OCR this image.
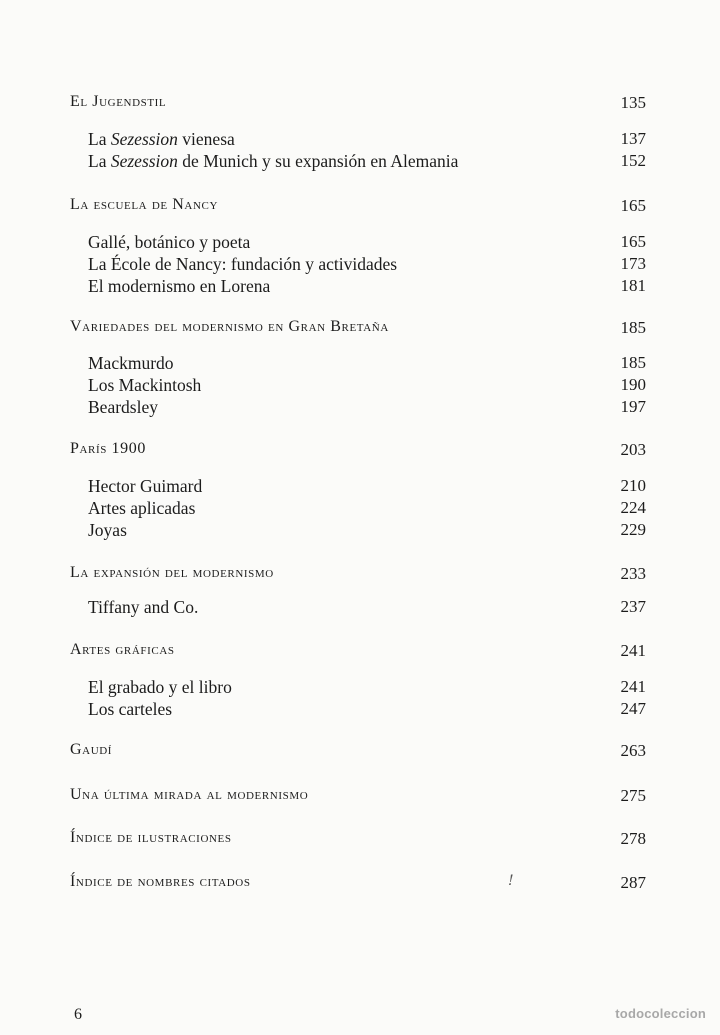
El Jugendstil	135
La Sezession vienesa	137
La Sezession de Munich y su expansión en Alemania	152
La escuela de Nancy	165
Gallé, botánico y poeta	165
La École de Nancy: fundación y actividades	173
El modernismo en Lorena	181
Variedades del modernismo en Gran Bretaña	185
Mackmurdo	185
Los Mackintosh	190
Beardsley	197
París 1900	203
Hector Guimard	210
Artes aplicadas	224
Joyas	229
La expansión del modernismo	233
Tiffany and Co.	237
Artes gráficas	241
El grabado y el libro	241
Los carteles	247
Gaudí	263
Una última mirada al modernismo	275
Índice de ilustraciones	278
Índice de nombres citados	287
!
6	todocoleccion
